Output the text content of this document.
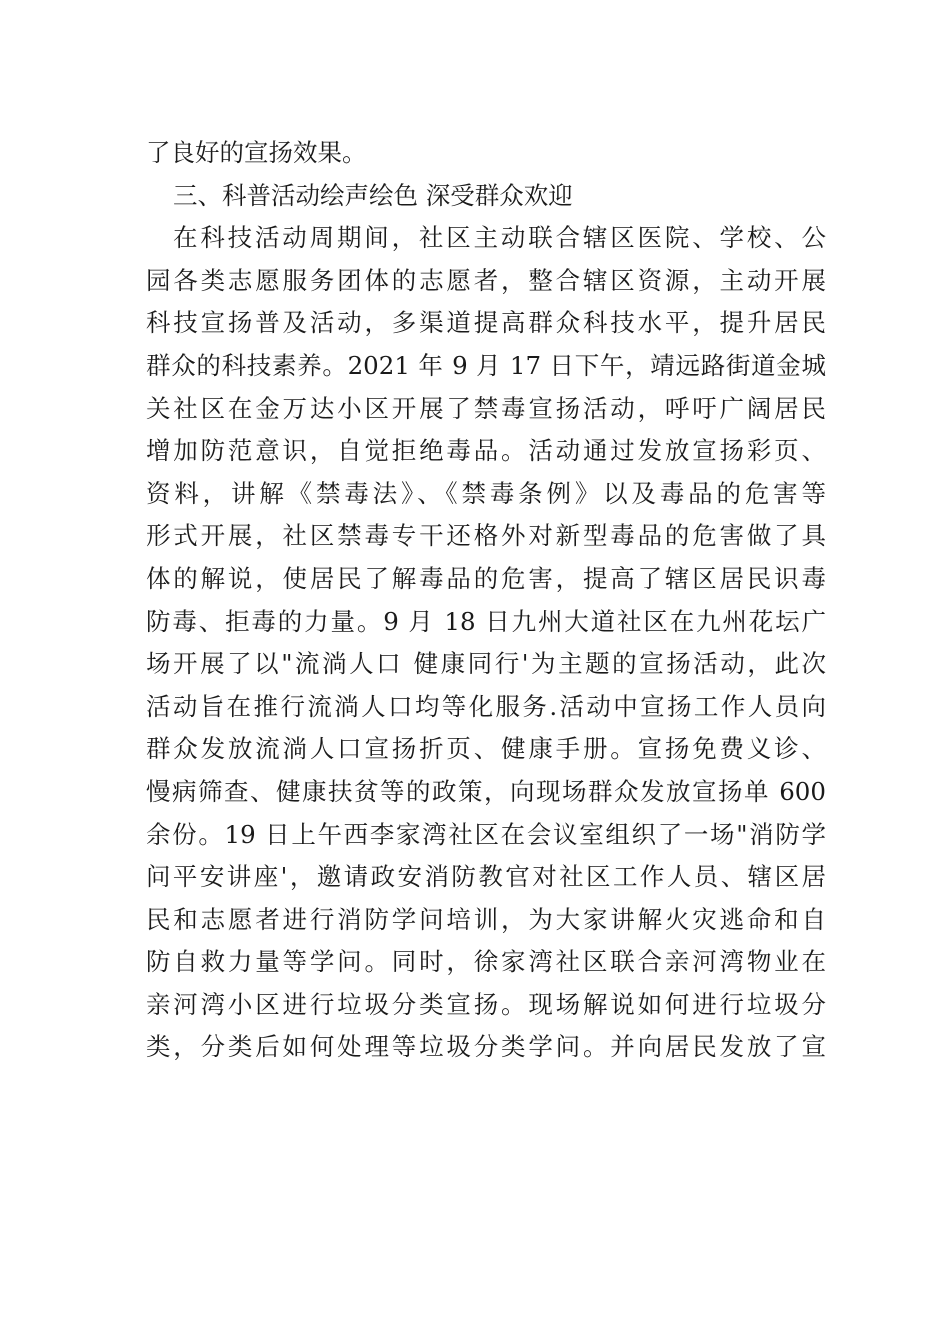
了良好的宣扬效果。
三、科普活动绘声绘色 深受群众欢迎
在科技活动周期间，社区主动联合辖区医院、学校、公
园各类志愿服务团体的志愿者，整合辖区资源，主动开展
科技宣扬普及活动，多渠道提高群众科技水平，提升居民
群众的科技素养。2021 年 9 月 17 日下午，靖远路街道金城
关社区在金万达小区开展了禁毒宣扬活动，呼吁广阔居民
增加防范意识，自觉拒绝毒品。活动通过发放宣扬彩页、
资料，讲解《禁毒法》、《禁毒条例》以及毒品的危害等
形式开展，社区禁毒专干还格外对新型毒品的危害做了具
体的解说，使居民了解毒品的危害，提高了辖区居民识毒
防毒、拒毒的力量。9 月 18 日九州大道社区在九州花坛广
场开展了以"流淌人口 健康同行'为主题的宣扬活动，此次
活动旨在推行流淌人口均等化服务.活动中宣扬工作人员向
群众发放流淌人口宣扬折页、健康手册。宣扬免费义诊、
慢病筛查、健康扶贫等的政策，向现场群众发放宣扬单 600
余份。19 日上午西李家湾社区在会议室组织了一场"消防学
问平安讲座'，邀请政安消防教官对社区工作人员、辖区居
民和志愿者进行消防学问培训，为大家讲解火灾逃命和自
防自救力量等学问。同时，徐家湾社区联合亲河湾物业在
亲河湾小区进行垃圾分类宣扬。现场解说如何进行垃圾分
类，分类后如何处理等垃圾分类学问。并向居民发放了宣
